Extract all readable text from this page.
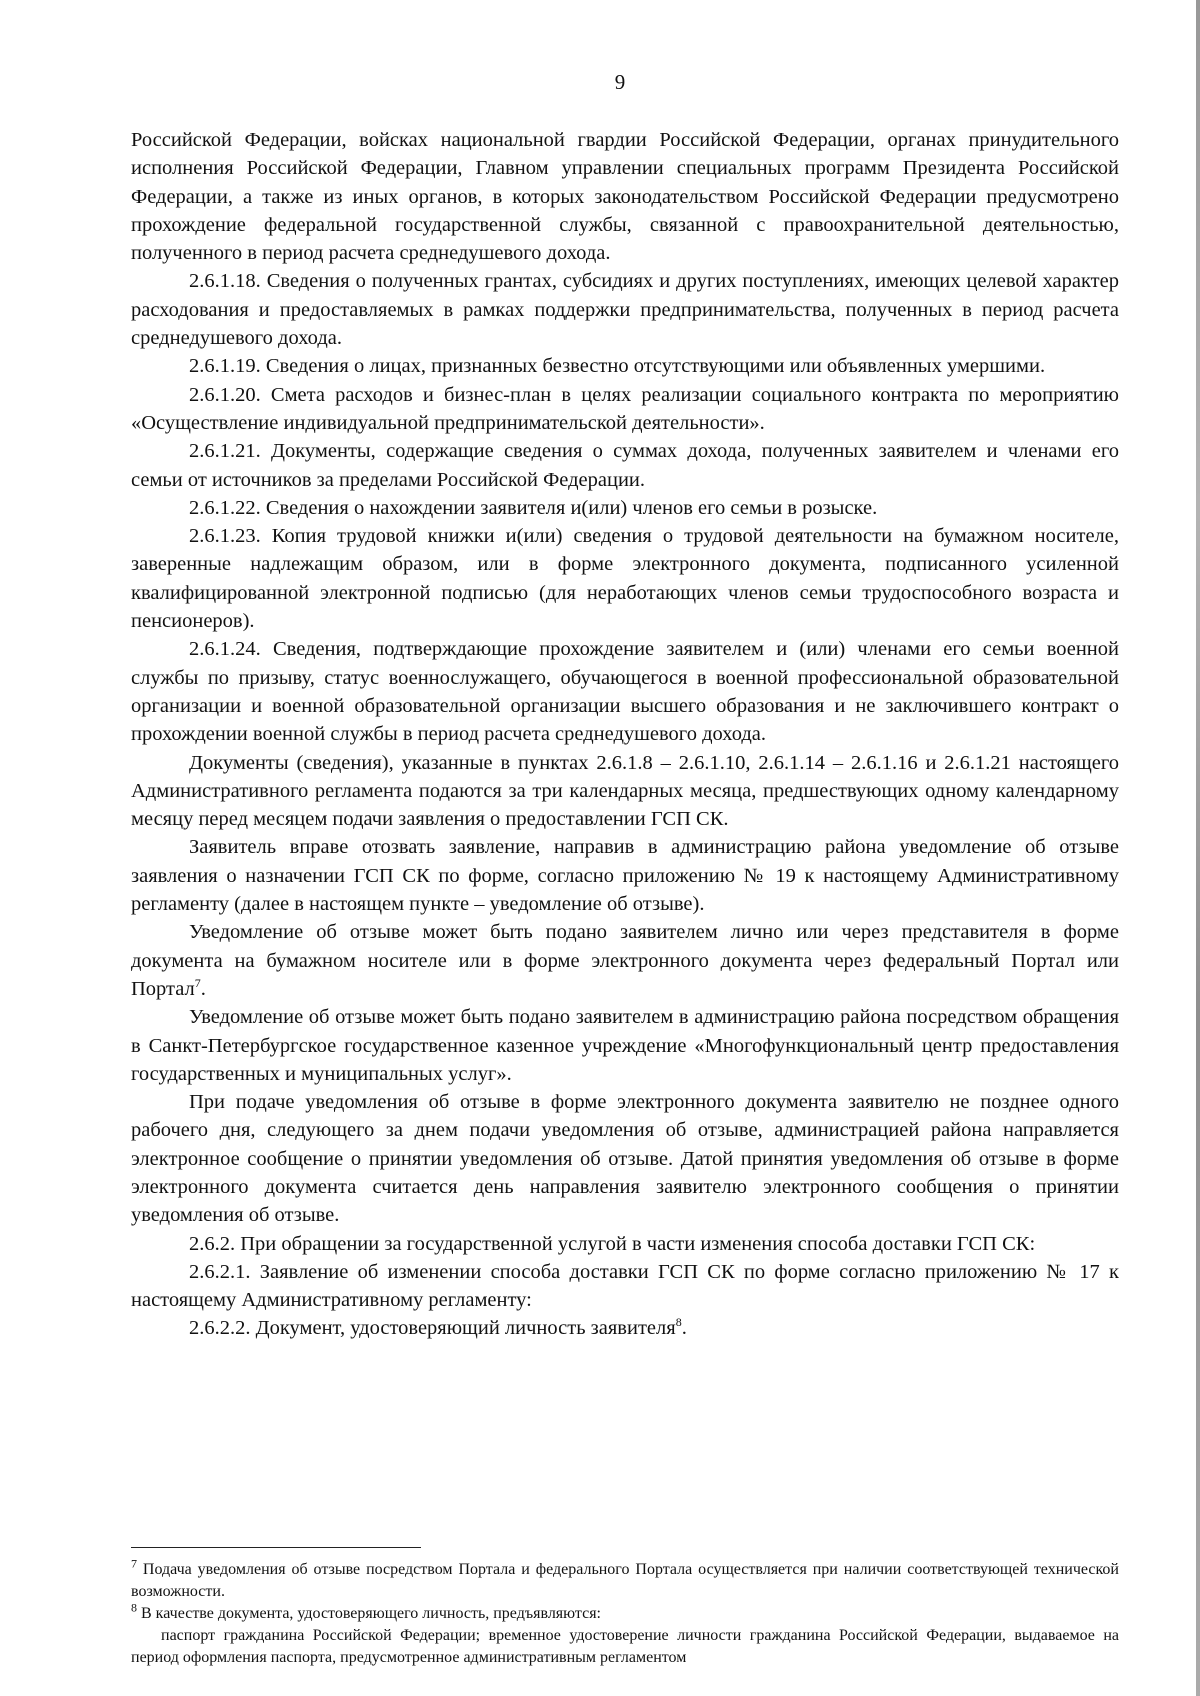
9

Российской Федерации, войсках национальной гвардии Российской Федерации, органах принудительного исполнения Российской Федерации, Главном управлении специальных программ Президента Российской Федерации, а также из иных органов, в которых законодательством Российской Федерации предусмотрено прохождение федеральной государственной службы, связанной с правоохранительной деятельностью, полученного в период расчета среднедушевого дохода.

2.6.1.18. Сведения о полученных грантах, субсидиях и других поступлениях, имеющих целевой характер расходования и предоставляемых в рамках поддержки предпринимательства, полученных в период расчета среднедушевого дохода.

2.6.1.19. Сведения о лицах, признанных безвестно отсутствующими или объявленных умершими.

2.6.1.20. Смета расходов и бизнес-план в целях реализации социального контракта по мероприятию «Осуществление индивидуальной предпринимательской деятельности».

2.6.1.21. Документы, содержащие сведения о суммах дохода, полученных заявителем и членами его семьи от источников за пределами Российской Федерации.

2.6.1.22. Сведения о нахождении заявителя и(или) членов его семьи в розыске.

2.6.1.23. Копия трудовой книжки и(или) сведения о трудовой деятельности на бумажном носителе, заверенные надлежащим образом, или в форме электронного документа, подписанного усиленной квалифицированной электронной подписью (для неработающих членов семьи трудоспособного возраста и пенсионеров).

2.6.1.24. Сведения, подтверждающие прохождение заявителем и (или) членами его семьи военной службы по призыву, статус военнослужащего, обучающегося в военной профессиональной образовательной организации и военной образовательной организации высшего образования и не заключившего контракт о прохождении военной службы в период расчета среднедушевого дохода.

Документы (сведения), указанные в пунктах 2.6.1.8 – 2.6.1.10, 2.6.1.14 – 2.6.1.16 и 2.6.1.21 настоящего Административного регламента подаются за три календарных месяца, предшествующих одному календарному месяцу перед месяцем подачи заявления о предоставлении ГСП СК.

Заявитель вправе отозвать заявление, направив в администрацию района уведомление об отзыве заявления о назначении ГСП СК по форме, согласно приложению № 19 к настоящему Административному регламенту (далее в настоящем пункте – уведомление об отзыве).

Уведомление об отзыве может быть подано заявителем лично или через представителя в форме документа на бумажном носителе или в форме электронного документа через федеральный Портал или Портал$^7$.

Уведомление об отзыве может быть подано заявителем в администрацию района посредством обращения в Санкт-Петербургское государственное казенное учреждение «Многофункциональный центр предоставления государственных и муниципальных услуг».

При подаче уведомления об отзыве в форме электронного документа заявителю не позднее одного рабочего дня, следующего за днем подачи уведомления об отзыве, администрацией района направляется электронное сообщение о принятии уведомления об отзыве. Датой принятия уведомления об отзыве в форме электронного документа считается день направления заявителю электронного сообщения о принятии уведомления об отзыве.

2.6.2. При обращении за государственной услугой в части изменения способа доставки ГСП СК:

2.6.2.1. Заявление об изменении способа доставки ГСП СК по форме согласно приложению № 17 к настоящему Административному регламенту:

2.6.2.2. Документ, удостоверяющий личность заявителя$^8$.

$^7$ Подача уведомления об отзыве посредством Портала и федерального Портала осуществляется при наличии соответствующей технической возможности.

$^8$ В качестве документа, удостоверяющего личность, предъявляются:

паспорт гражданина Российской Федерации; временное удостоверение личности гражданина Российской Федерации, выдаваемое на период оформления паспорта, предусмотренное административным регламентом
